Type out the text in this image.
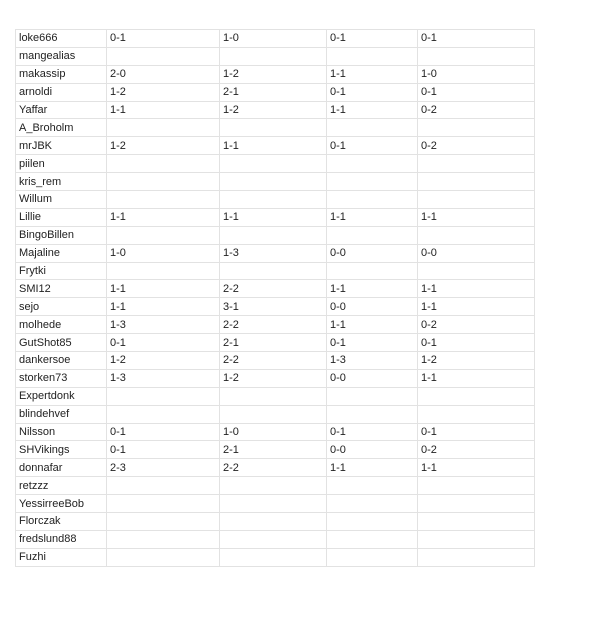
loke666	0-1	1-0	0-1	0-1
mangealias				
makassip	2-0	1-2	1-1	1-0
arnoldi	1-2	2-1	0-1	0-1
Yaffar	1-1	1-2	1-1	0-2
A_Broholm				
mrJBK	1-2	1-1	0-1	0-2
piilen				
kris_rem				
Willum				
Lillie	1-1	1-1	1-1	1-1
BingoBillen				
Majaline	1-0	1-3	0-0	0-0
Frytki				
SMI12	1-1	2-2	1-1	1-1
sejo	1-1	3-1	0-0	1-1
molhede	1-3	2-2	1-1	0-2
GutShot85	0-1	2-1	0-1	0-1
dankersoe	1-2	2-2	1-3	1-2
storken73	1-3	1-2	0-0	1-1
Expertdonk				
blindehvef				
Nilsson	0-1	1-0	0-1	0-1
SHVikings	0-1	2-1	0-0	0-2
donnafar	2-3	2-2	1-1	1-1
retzzz				
YessirreeBob				
Florczak				
fredslund88				
Fuzhi				
